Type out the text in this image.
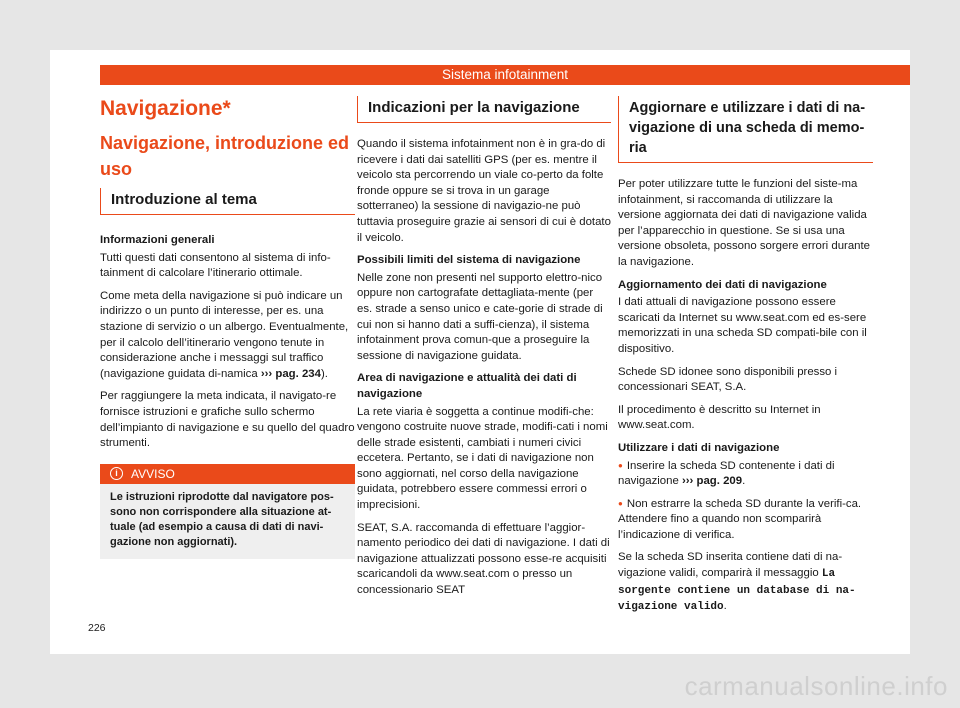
Sistema infotainment
Navigazione*
Navigazione, introduzione ed uso
Introduzione al tema

Informazioni generali

Tutti questi dati consentono al sistema di info-tainment di calcolare l’itinerario ottimale.

Come meta della navigazione si può indicare un indirizzo o un punto di interesse, per es. una stazione di servizio o un albergo. Eventualmente, per il calcolo dell’itinerario vengono tenute in considerazione anche i messaggi sul traffico (navigazione guidata di-namica ››› pag. 234).

Per raggiungere la meta indicata, il navigato-re fornisce istruzioni e grafiche sullo schermo dell’impianto di navigazione e su quello del quadro strumenti.

i	AVVISO
Le istruzioni riprodotte dal navigatore pos-sono non corrispondere alla situazione at-tuale (ad esempio a causa di dati di navi-gazione non aggiornati).
Indicazioni per la navigazione

Quando il sistema infotainment non è in gra-do di ricevere i dati dai satelliti GPS (per es. mentre il veicolo sta percorrendo un viale co-perto da folte fronde oppure se si trova in un garage sotterraneo) la sessione di navigazio-ne può tuttavia proseguire grazie ai sensori di cui è dotato il veicolo.

Possibili limiti del sistema di navigazione

Nelle zone non presenti nel supporto elettro-nico oppure non cartografate dettagliata-mente (per es. strade a senso unico e cate-gorie di strade di cui non si hanno dati a suffi-cienza), il sistema infotainment prova comun-que a proseguire la sessione di navigazione guidata.

Area di navigazione e attualità dei dati di navigazione

La rete viaria è soggetta a continue modifi-che: vengono costruite nuove strade, modifi-cati i nomi delle strade esistenti, cambiati i numeri civici eccetera. Pertanto, se i dati di navigazione non sono aggiornati, nel corso della navigazione guidata, potrebbero essere commessi errori o imprecisioni.

SEAT, S.A. raccomanda di effettuare l’aggior-namento periodico dei dati di navigazione. I dati di navigazione attualizzati possono esse-re acquisiti scaricandoli da www.seat.com o presso un concessionario SEAT

Aggiornare e utilizzare i dati di na-vigazione di una scheda di memo-ria

Per poter utilizzare tutte le funzioni del siste-ma infotainment, si raccomanda di utilizzare la versione aggiornata dei dati di navigazione valida per l’apparecchio in questione. Se si usa una versione obsoleta, possono sorgere errori durante la navigazione.

Aggiornamento dei dati di navigazione

I dati attuali di navigazione possono essere scaricati da Internet su www.seat.com ed es-sere memorizzati in una scheda SD compati-bile con il dispositivo.

Schede SD idonee sono disponibili presso i concessionari SEAT, S.A.

Il procedimento è descritto su Internet in www.seat.com.

Utilizzare i dati di navigazione

● Inserire la scheda SD contenente i dati di navigazione ››› pag. 209.

● Non estrarre la scheda SD durante la verifi-ca. Attendere fino a quando non scomparirà l’indicazione di verifica.

Se la scheda SD inserita contiene dati di na-vigazione validi, comparirà il messaggio La sorgente contiene un database di na-vigazione valido.

226
carmanualsonline.info
